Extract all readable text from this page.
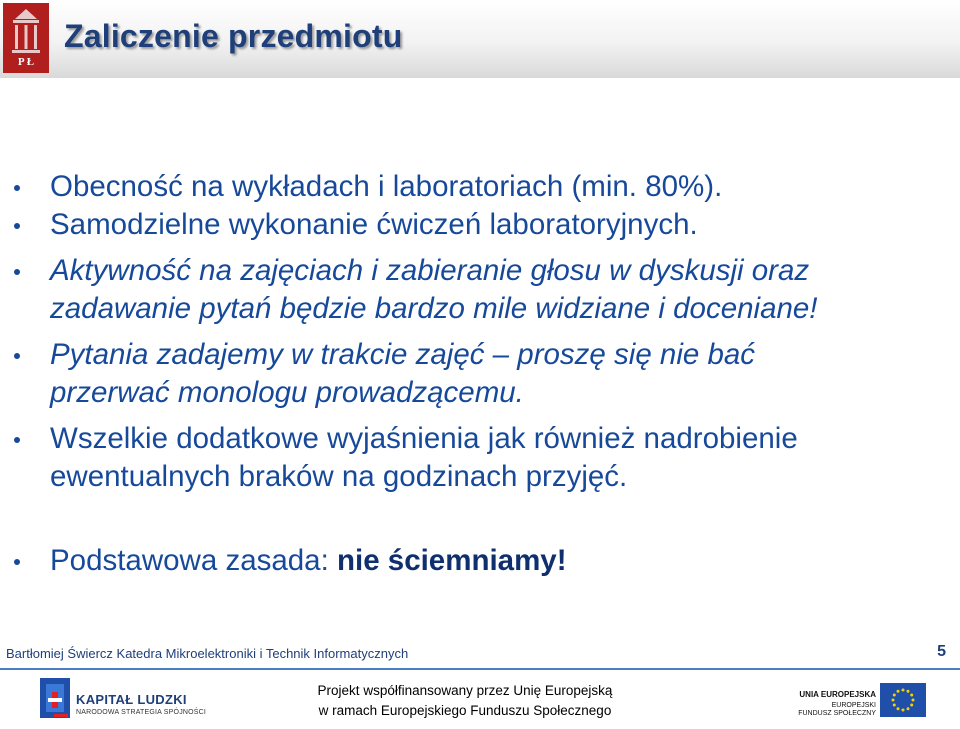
P Ł
Zaliczenie przedmiotu
Obecność na wykładach i laboratoriach (min. 80%).
Samodzielne wykonanie ćwiczeń laboratoryjnych.
Aktywność na zajęciach i zabieranie głosu w dyskusji oraz
zadawanie pytań będzie bardzo mile widziane i doceniane!
Pytania zadajemy w trakcie zajęć – proszę się nie bać
przerwać monologu prowadzącemu.
Wszelkie dodatkowe wyjaśnienia jak również nadrobienie
ewentualnych braków na godzinach przyjęć.
Podstawowa zasada: nie ściemniamy!
Bartłomiej Świercz Katedra Mikroelektroniki i Technik Informatycznych	5
KAPITAŁ LUDZKI
NARODOWA STRATEGIA SPÓJNOŚCI
Projekt współfinansowany przez Unię Europejską
w ramach Europejskiego Funduszu Społecznego
UNIA EUROPEJSKA
EUROPEJSKI
FUNDUSZ SPOŁECZNY
